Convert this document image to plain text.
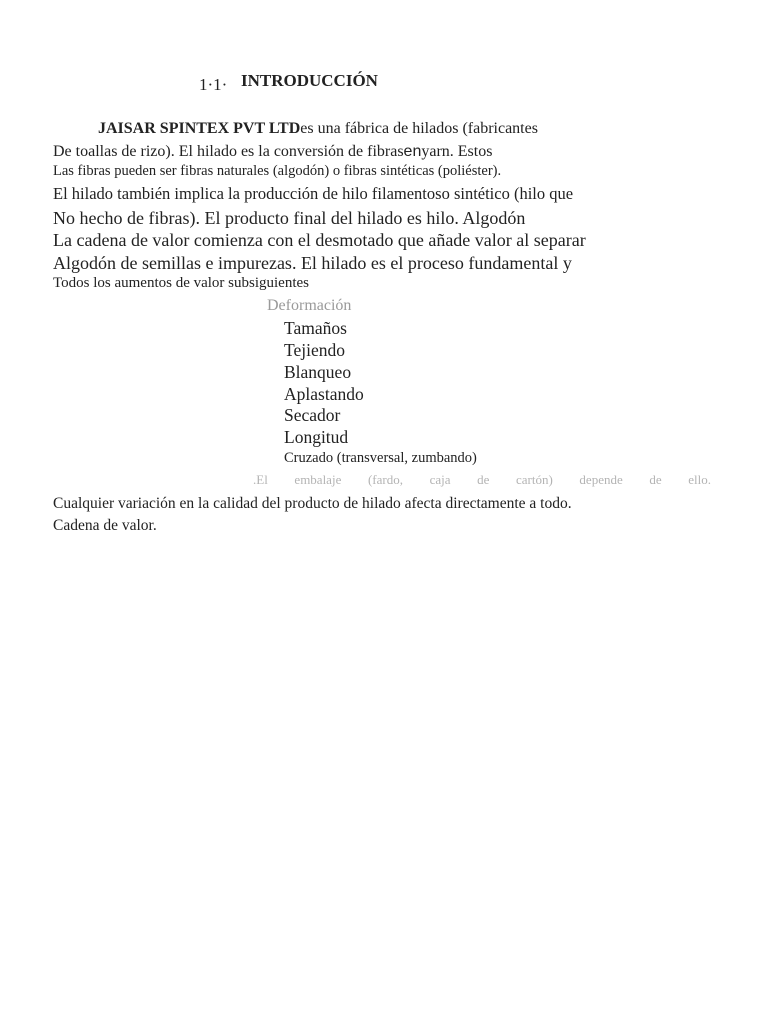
1·1· INTRODUCCIÓN
JAISAR SPINTEX PVT LTDes una fábrica de hilados (fabricantes
De toallas de rizo). El hilado es la conversión de fibrasenyarn. Estos
Las fibras pueden ser fibras naturales (algodón) o fibras sintéticas (poliéster).
El hilado también implica la producción de hilo filamentoso sintético (hilo que
No hecho de fibras). El producto final del hilado es hilo. Algodón
La cadena de valor comienza con el desmotado que añade valor al separar
Algodón de semillas e impurezas. El hilado es el proceso fundamental y
Todos los aumentos de valor subsiguientes
Deformación
Tamaños
Tejiendo
Blanqueo
Aplastando
Secador
Longitud
Cruzado (transversal, zumbando)
.El embalaje (fardo, caja de cartón) depende de ello.
Cualquier variación en la calidad del producto de hilado afecta directamente a todo.
Cadena de valor.
